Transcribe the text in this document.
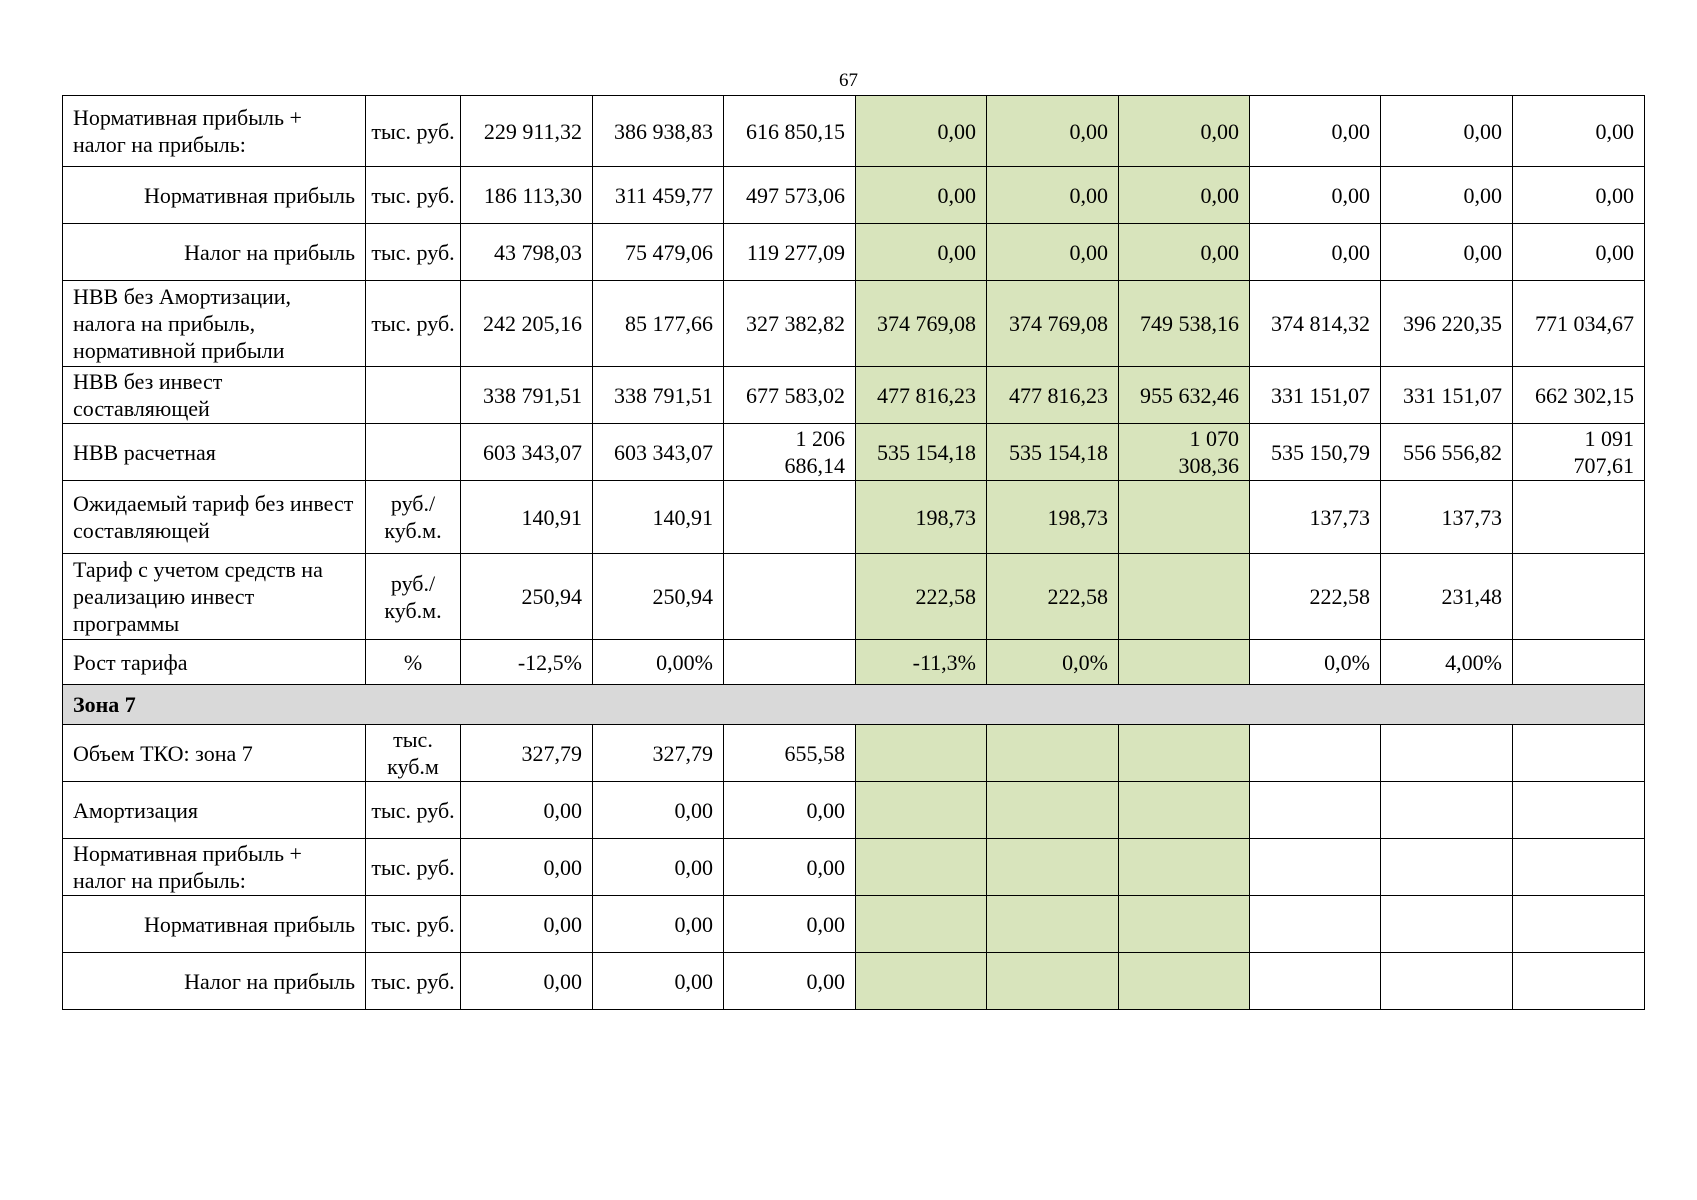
67
Нормативная прибыль + налог на прибыль:	тыс. руб.	229 911,32	386 938,83	616 850,15	0,00	0,00	0,00	0,00	0,00	0,00
Нормативная прибыль	тыс. руб.	186 113,30	311 459,77	497 573,06	0,00	0,00	0,00	0,00	0,00	0,00
Налог на прибыль	тыс. руб.	43 798,03	75 479,06	119 277,09	0,00	0,00	0,00	0,00	0,00	0,00
НВВ без Амортизации, налога на прибыль, нормативной прибыли	тыс. руб.	242 205,16	85 177,66	327 382,82	374 769,08	374 769,08	749 538,16	374 814,32	396 220,35	771 034,67
НВВ без инвест составляющей		338 791,51	338 791,51	677 583,02	477 816,23	477 816,23	955 632,46	331 151,07	331 151,07	662 302,15
НВВ расчетная		603 343,07	603 343,07	1 206 686,14	535 154,18	535 154,18	1 070 308,36	535 150,79	556 556,82	1 091 707,61
Ожидаемый тариф без инвест составляющей	руб./куб.м.	140,91	140,91		198,73	198,73		137,73	137,73	
Тариф с учетом средств на реализацию инвест программы	руб./куб.м.	250,94	250,94		222,58	222,58		222,58	231,48	
Рост тарифа	%	-12,5%	0,00%		-11,3%	0,0%		0,0%	4,00%	
Зона 7										
Объем ТКО: зона 7	тыс. куб.м	327,79	327,79	655,58						
Амортизация	тыс. руб.	0,00	0,00	0,00						
Нормативная прибыль + налог на прибыль:	тыс. руб.	0,00	0,00	0,00						
Нормативная прибыль	тыс. руб.	0,00	0,00	0,00						
Налог на прибыль	тыс. руб.	0,00	0,00	0,00						
